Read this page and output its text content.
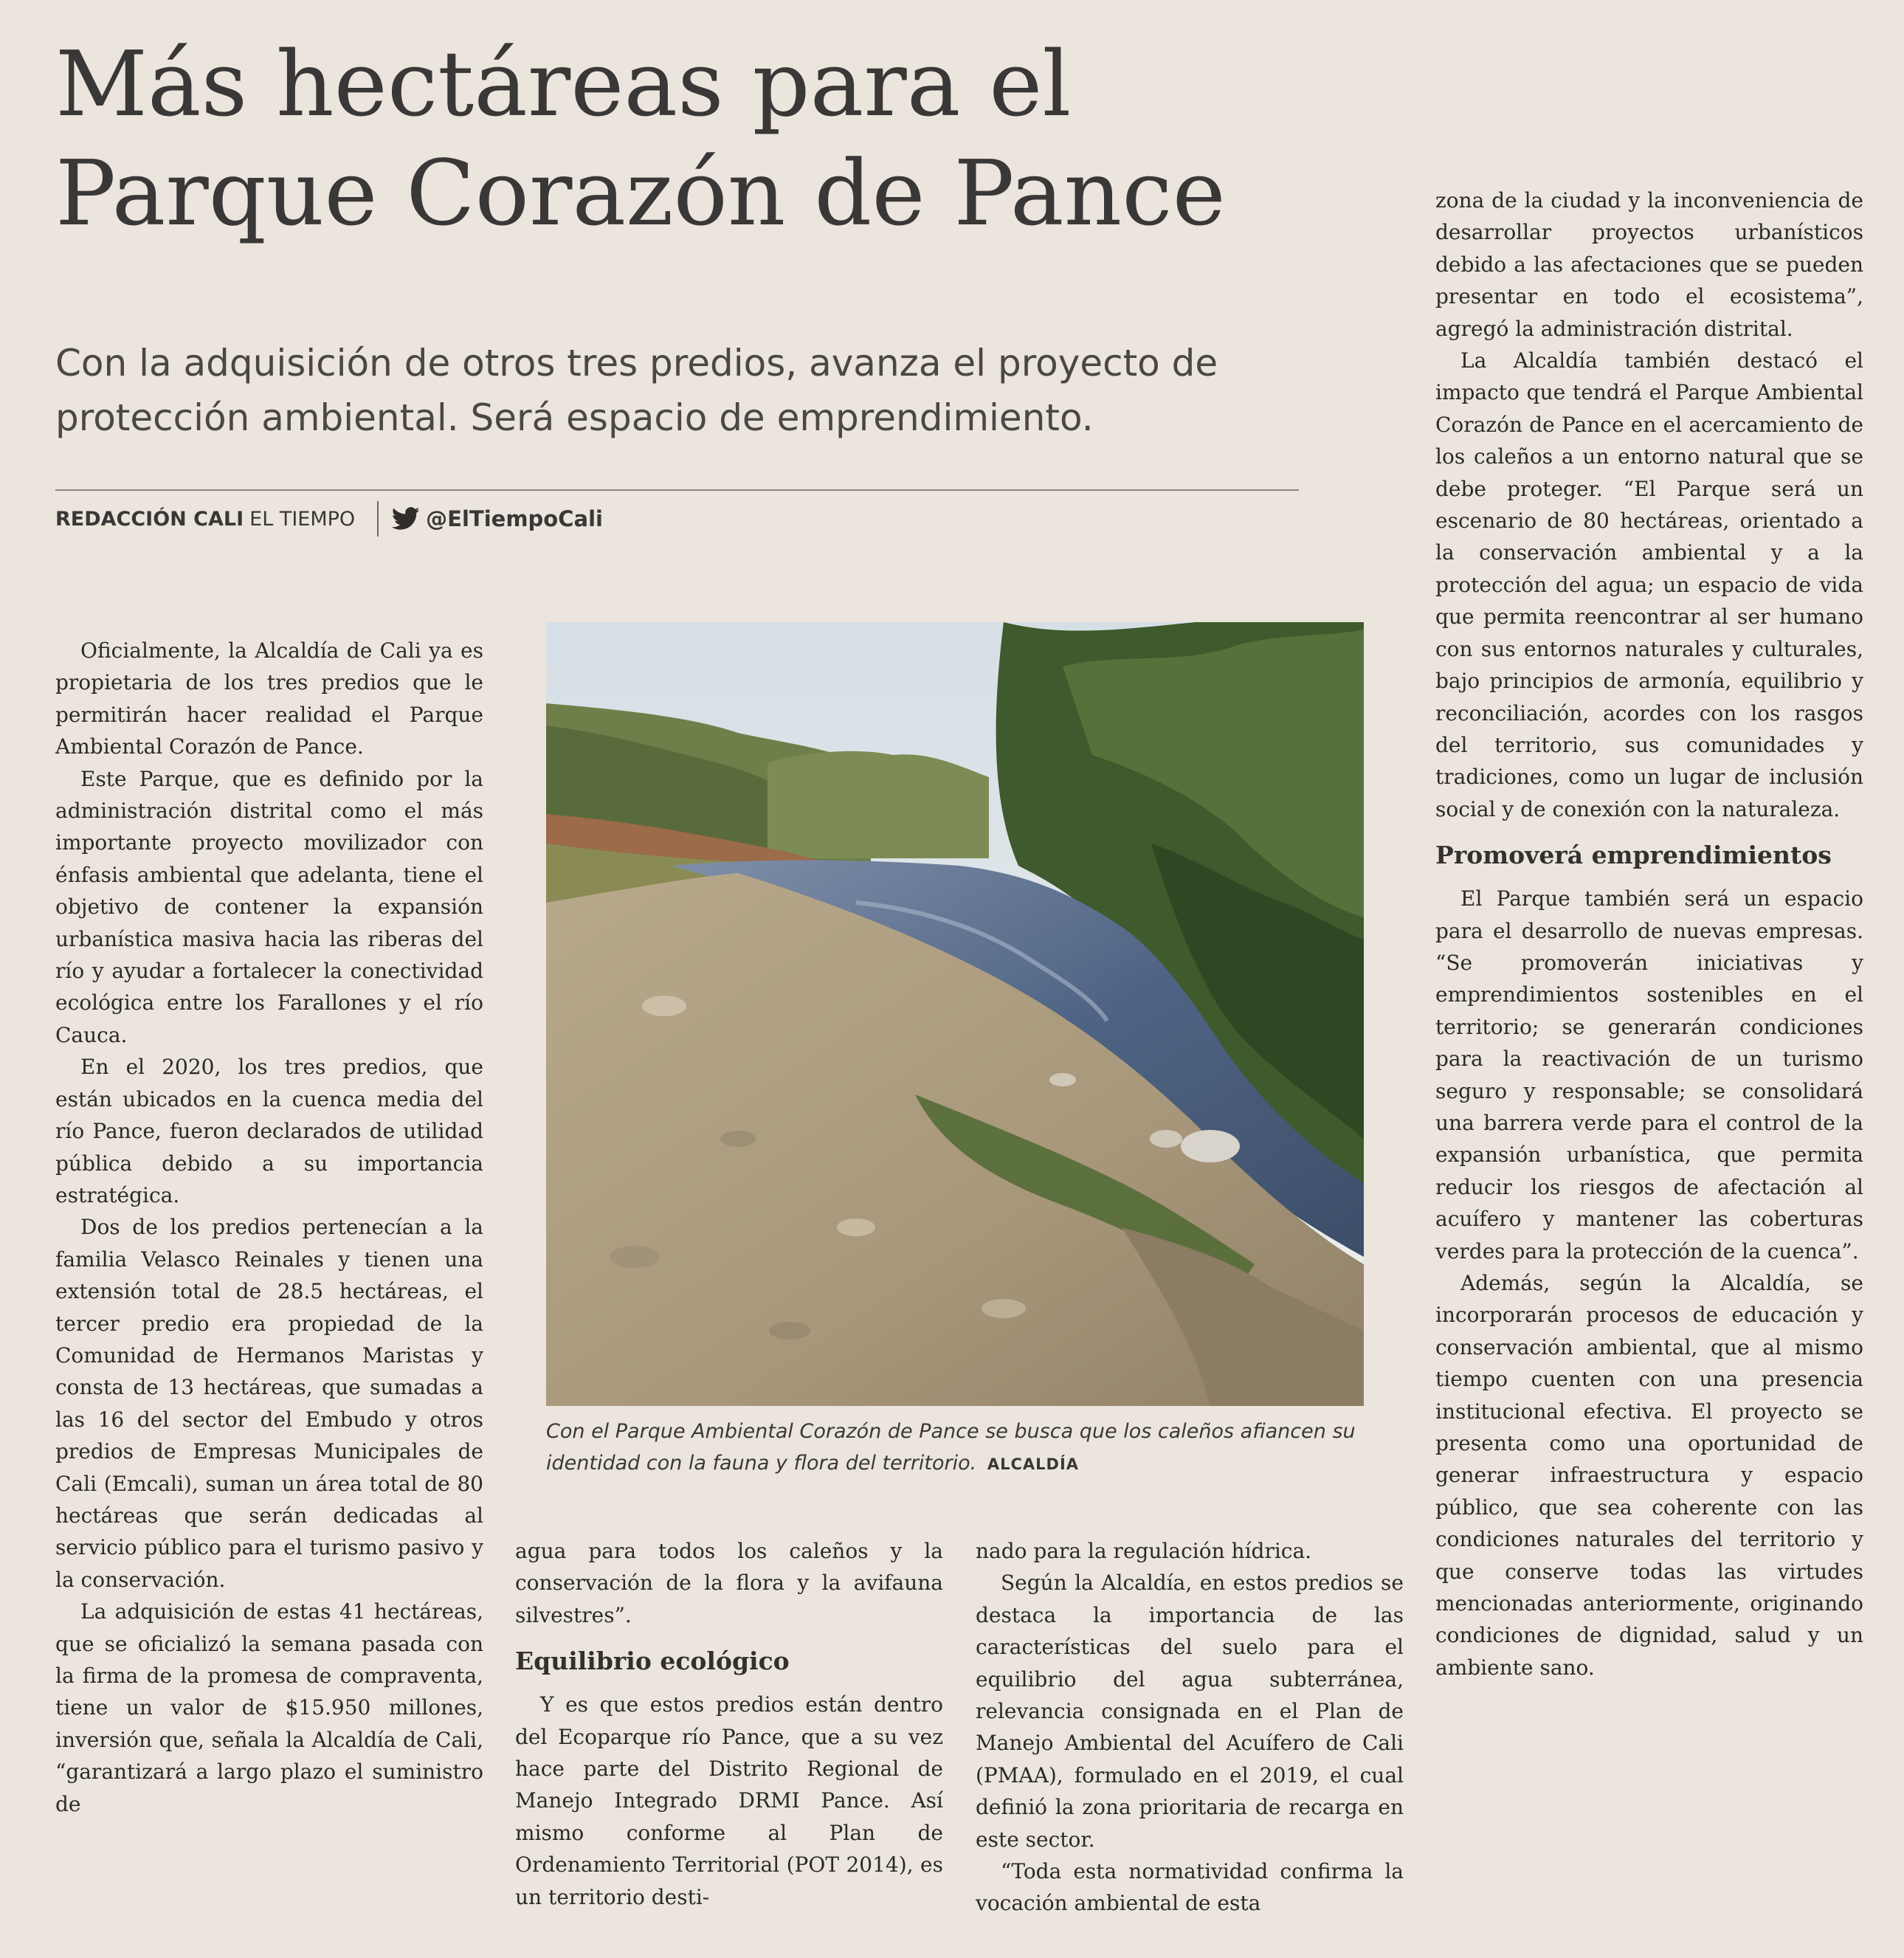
Más hectáreas para el Parque Corazón de Pance
Con la adquisición de otros tres predios, avanza el proyecto de protección ambiental. Será espacio de emprendimiento.
REDACCIÓN CALI EL TIEMPO	@ElTiempoCali

Oficialmente, la Alcaldía de Cali ya es propietaria de los tres predios que le permitirán hacer realidad el Parque Ambiental Corazón de Pance.

Este Parque, que es definido por la administración distrital como el más importante proyecto movilizador con énfasis ambiental que adelanta, tiene el objetivo de contener la expansión urbanística masiva hacia las riberas del río y ayudar a fortalecer la conectividad ecológica entre los Farallones y el río Cauca.

En el 2020, los tres predios, que están ubicados en la cuenca media del río Pance, fueron declarados de utilidad pública debido a su importancia estratégica.

Dos de los predios pertenecían a la familia Velasco Reinales y tienen una extensión total de 28.5 hectáreas, el tercer predio era propiedad de la Comunidad de Hermanos Maristas y consta de 13 hectáreas, que sumadas a las 16 del sector del Embudo y otros predios de Empresas Municipales de Cali (Emcali), suman un área total de 80 hectáreas que serán dedicadas al servicio público para el turismo pasivo y la conservación.

La adquisición de estas 41 hectáreas, que se oficializó la semana pasada con la firma de la promesa de compraventa, tiene un valor de $15.950 millones, inversión que, señala la Alcaldía de Cali, “garantizará a largo plazo el suministro de

Con el Parque Ambiental Corazón de Pance se busca que los caleños afiancen su identidad con la fauna y flora del territorio. ALCALDÍA

agua para todos los caleños y la conservación de la flora y la avifauna silvestres”.

Equilibrio ecológico

Y es que estos predios están dentro del Ecoparque río Pance, que a su vez hace parte del Distrito Regional de Manejo Integrado DRMI Pance. Así mismo conforme al Plan de Ordenamiento Territorial (POT 2014), es un territorio desti-

nado para la regulación hídrica.

Según la Alcaldía, en estos predios se destaca la importancia de las características del suelo para el equilibrio del agua subterránea, relevancia consignada en el Plan de Manejo Ambiental del Acuífero de Cali (PMAA), formulado en el 2019, el cual definió la zona prioritaria de recarga en este sector.

“Toda esta normatividad confirma la vocación ambiental de esta

zona de la ciudad y la inconveniencia de desarrollar proyectos urbanísticos debido a las afectaciones que se pueden presentar en todo el ecosistema”, agregó la administración distrital.

La Alcaldía también destacó el impacto que tendrá el Parque Ambiental Corazón de Pance en el acercamiento de los caleños a un entorno natural que se debe proteger. “El Parque será un escenario de 80 hectáreas, orientado a la conservación ambiental y a la protección del agua; un espacio de vida que permita reencontrar al ser humano con sus entornos naturales y culturales, bajo principios de armonía, equilibrio y reconciliación, acordes con los rasgos del territorio, sus comunidades y tradiciones, como un lugar de inclusión social y de conexión con la naturaleza.

Promoverá emprendimientos

El Parque también será un espacio para el desarrollo de nuevas empresas. “Se promoverán iniciativas y emprendimientos sostenibles en el territorio; se generarán condiciones para la reactivación de un turismo seguro y responsable; se consolidará una barrera verde para el control de la expansión urbanística, que permita reducir los riesgos de afectación al acuífero y mantener las coberturas verdes para la protección de la cuenca”.

Además, según la Alcaldía, se incorporarán procesos de educación y conservación ambiental, que al mismo tiempo cuenten con una presencia institucional efectiva. El proyecto se presenta como una oportunidad de generar infraestructura y espacio público, que sea coherente con las condiciones naturales del territorio y que conserve todas las virtudes mencionadas anteriormente, originando condiciones de dignidad, salud y un ambiente sano.
